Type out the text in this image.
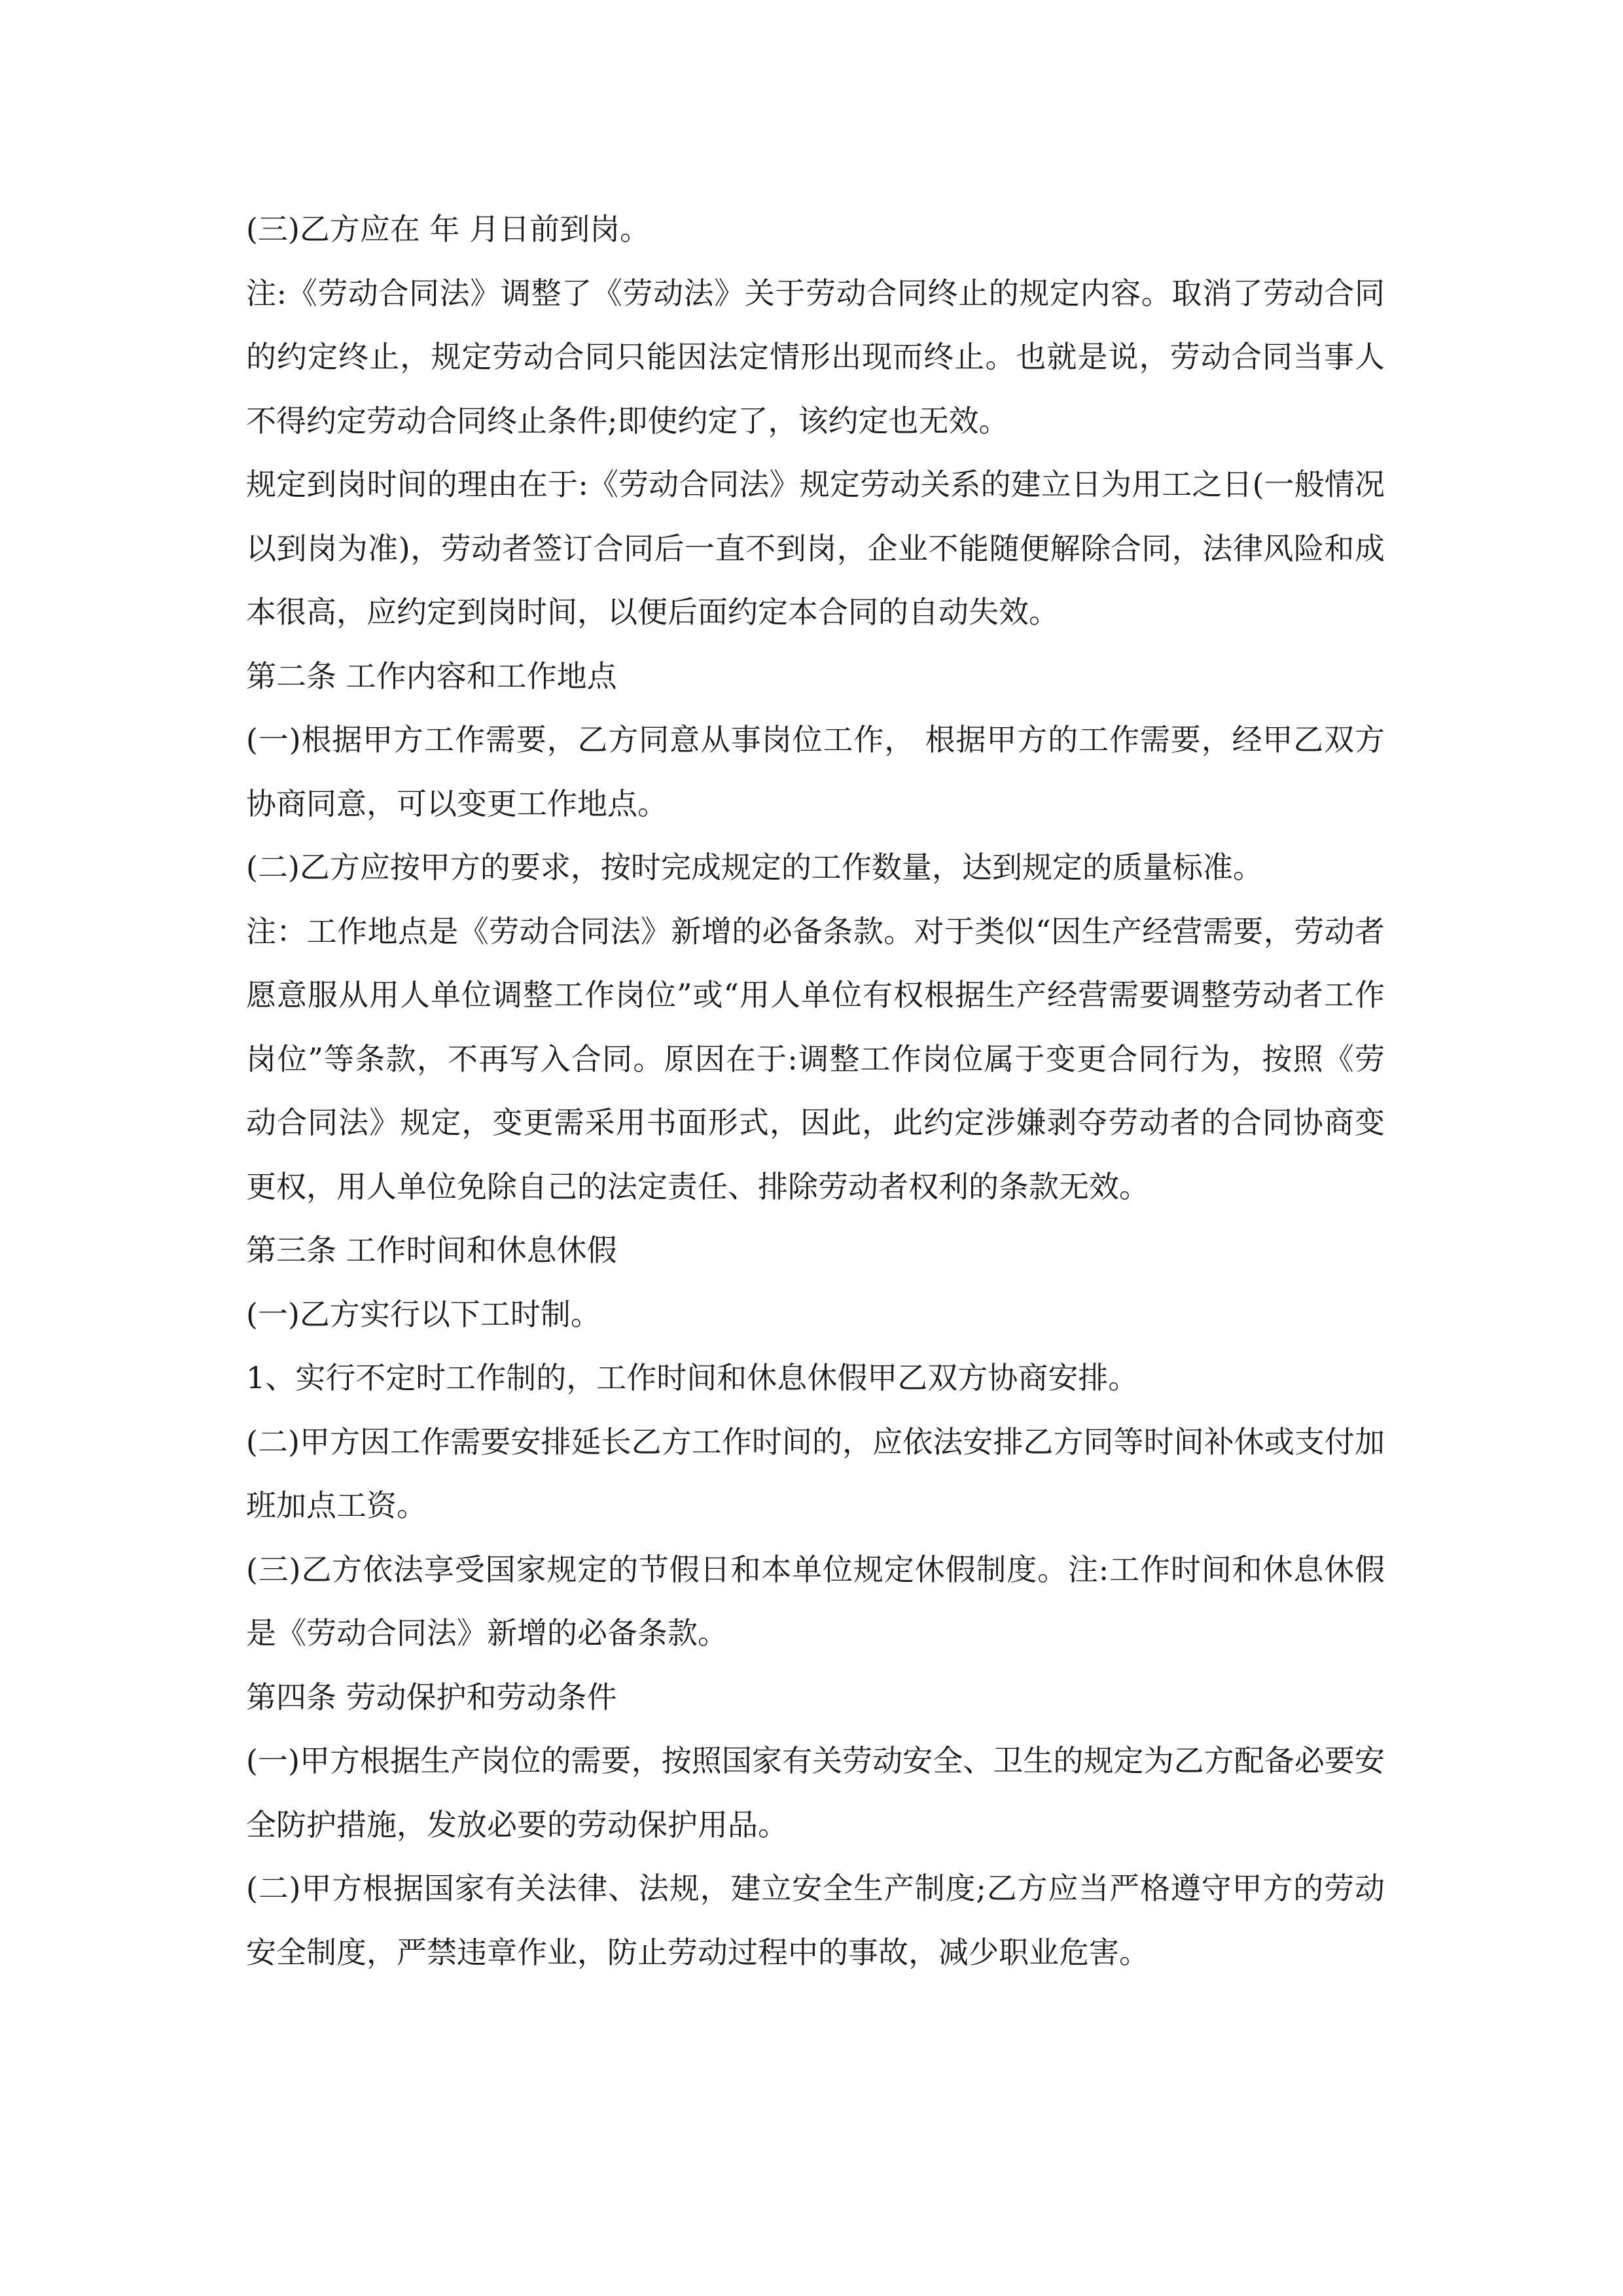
(三)乙方应在 年 月日前到岗。

注:《劳动合同法》调整了《劳动法》关于劳动合同终止的规定内容。取消了劳动合同的约定终止，规定劳动合同只能因法定情形出现而终止。也就是说，劳动合同当事人不得约定劳动合同终止条件;即使约定了，该约定也无效。

规定到岗时间的理由在于:《劳动合同法》规定劳动关系的建立日为用工之日(一般情况以到岗为准)，劳动者签订合同后一直不到岗，企业不能随便解除合同，法律风险和成本很高，应约定到岗时间，以便后面约定本合同的自动失效。

第二条 工作内容和工作地点

(一)根据甲方工作需要，乙方同意从事岗位工作， 根据甲方的工作需要，经甲乙双方协商同意，可以变更工作地点。

(二)乙方应按甲方的要求，按时完成规定的工作数量，达到规定的质量标准。

注：工作地点是《劳动合同法》新增的必备条款。对于类似“因生产经营需要，劳动者愿意服从用人单位调整工作岗位”或“用人单位有权根据生产经营需要调整劳动者工作岗位”等条款，不再写入合同。原因在于:调整工作岗位属于变更合同行为，按照《劳动合同法》规定，变更需采用书面形式，因此，此约定涉嫌剥夺劳动者的合同协商变更权，用人单位免除自己的法定责任、排除劳动者权利的条款无效。

第三条 工作时间和休息休假

(一)乙方实行以下工时制。

1、实行不定时工作制的，工作时间和休息休假甲乙双方协商安排。

(二)甲方因工作需要安排延长乙方工作时间的，应依法安排乙方同等时间补休或支付加班加点工资。

(三)乙方依法享受国家规定的节假日和本单位规定休假制度。注:工作时间和休息休假是《劳动合同法》新增的必备条款。

第四条 劳动保护和劳动条件

(一)甲方根据生产岗位的需要，按照国家有关劳动安全、卫生的规定为乙方配备必要安全防护措施，发放必要的劳动保护用品。

(二)甲方根据国家有关法律、法规，建立安全生产制度;乙方应当严格遵守甲方的劳动安全制度，严禁违章作业，防止劳动过程中的事故，减少职业危害。
